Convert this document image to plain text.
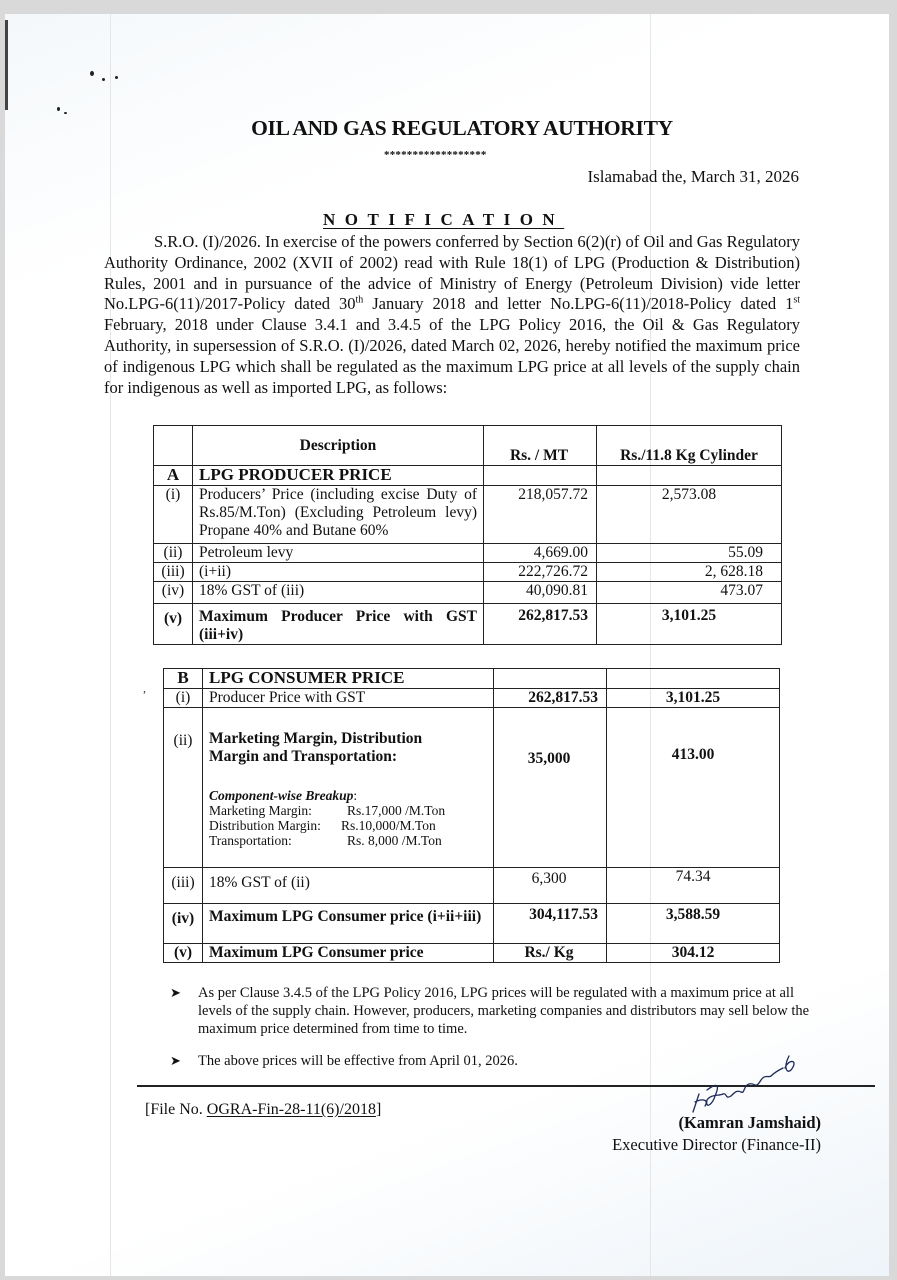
OIL AND GAS REGULATORY AUTHORITY
******************
Islamabad the, March 31, 2026
NOTIFICATION
S.R.O. (I)/2026. In exercise of the powers conferred by Section 6(2)(r) of Oil and Gas Regulatory Authority Ordinance, 2002 (XVII of 2002) read with Rule 18(1) of LPG (Production & Distribution) Rules, 2001 and in pursuance of the advice of Ministry of Energy (Petroleum Division) vide letter No.LPG-6(11)/2017-Policy dated 30th January 2018 and letter No.LPG-6(11)/2018-Policy dated 1st February, 2018 under Clause 3.4.1 and 3.4.5 of the LPG Policy 2016, the Oil & Gas Regulatory Authority, in supersession of S.R.O. (I)/2026, dated March 02, 2026, hereby notified the maximum price of indigenous LPG which shall be regulated as the maximum LPG price at all levels of the supply chain for indigenous as well as imported LPG, as follows:
	Description	Rs. / MT	Rs./11.8 Kg Cylinder
A	LPG PRODUCER PRICE		
(i)	Producers’ Price (including excise Duty of Rs.85/M.Ton) (Excluding Petroleum levy) Propane 40% and Butane 60%	218,057.72	2,573.08
(ii)	Petroleum levy	4,669.00	55.09
(iii)	(i+ii)	222,726.72	2, 628.18
(iv)	18% GST of (iii)	40,090.81	473.07
(v)	Maximum Producer Price with GST (iii+iv)	262,817.53	3,101.25
,
B	LPG CONSUMER PRICE		
(i)	Producer Price with GST	262,817.53	3,101.25
(ii)	Marketing Margin, Distribution Margin and Transportation:
Component-wise Breakup:
Marketing Margin: Rs.17,000 /M.Ton
Distribution Margin: Rs.10,000/M.Ton
Transportation: Rs. 8,000 /M.Ton	35,000	413.00
(iii)	18% GST of (ii)	6,300	74.34
(iv)	Maximum LPG Consumer price (i+ii+iii)	304,117.53	3,588.59
(v)	Maximum LPG Consumer price	Rs./ Kg	304.12
➤	As per Clause 3.4.5 of the LPG Policy 2016, LPG prices will be regulated with a maximum price at all levels of the supply chain. However, producers, marketing companies and distributors may sell below the maximum price determined from time to time.
➤	The above prices will be effective from April 01, 2026.
[File No. OGRA-Fin-28-11(6)/2018]
(Kamran Jamshaid)
Executive Director (Finance-II)
